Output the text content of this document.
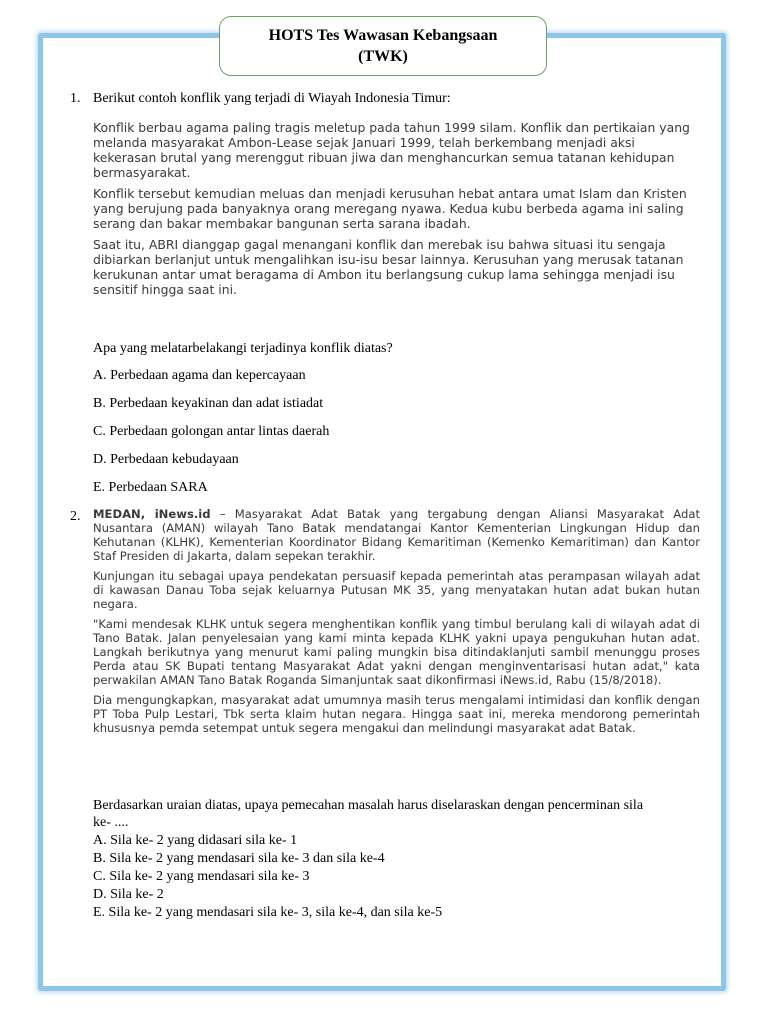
HOTS Tes Wawasan Kebangsaan
(TWK)
1. Berikut contoh konflik yang terjadi di Wiayah Indonesia Timur:

Konflik berbau agama paling tragis meletup pada tahun 1999 silam. Konflik dan pertikaian yang melanda masyarakat Ambon-Lease sejak Januari 1999, telah berkembang menjadi aksi kekerasan brutal yang merenggut ribuan jiwa dan menghancurkan semua tatanan kehidupan bermasyarakat.

Konflik tersebut kemudian meluas dan menjadi kerusuhan hebat antara umat Islam dan Kristen yang berujung pada banyaknya orang meregang nyawa. Kedua kubu berbeda agama ini saling serang dan bakar membakar bangunan serta sarana ibadah.

Saat itu, ABRI dianggap gagal menangani konflik dan merebak isu bahwa situasi itu sengaja dibiarkan berlanjut untuk mengalihkan isu-isu besar lainnya. Kerusuhan yang merusak tatanan kerukunan antar umat beragama di Ambon itu berlangsung cukup lama sehingga menjadi isu sensitif hingga saat ini.

Apa yang melatarbelakangi terjadinya konflik diatas?
A. Perbedaan agama dan kepercayaan
B. Perbedaan keyakinan dan adat istiadat
C. Perbedaan golongan antar lintas daerah
D. Perbedaan kebudayaan
E. Perbedaan SARA
2. MEDAN, iNews.id – Masyarakat Adat Batak yang tergabung dengan Aliansi Masyarakat Adat Nusantara (AMAN) wilayah Tano Batak mendatangai Kantor Kementerian Lingkungan Hidup dan Kehutanan (KLHK), Kementerian Koordinator Bidang Kemaritiman (Kemenko Kemaritiman) dan Kantor Staf Presiden di Jakarta, dalam sepekan terakhir.

Kunjungan itu sebagai upaya pendekatan persuasif kepada pemerintah atas perampasan wilayah adat di kawasan Danau Toba sejak keluarnya Putusan MK 35, yang menyatakan hutan adat bukan hutan negara.

"Kami mendesak KLHK untuk segera menghentikan konflik yang timbul berulang kali di wilayah adat di Tano Batak. Jalan penyelesaian yang kami minta kepada KLHK yakni upaya pengukuhan hutan adat. Langkah berikutnya yang menurut kami paling mungkin bisa ditindaklanjuti sambil menunggu proses Perda atau SK Bupati tentang Masyarakat Adat yakni dengan menginventarisasi hutan adat," kata perwakilan AMAN Tano Batak Roganda Simanjuntak saat dikonfirmasi iNews.id, Rabu (15/8/2018).

Dia mengungkapkan, masyarakat adat umumnya masih terus mengalami intimidasi dan konflik dengan PT Toba Pulp Lestari, Tbk serta klaim hutan negara. Hingga saat ini, mereka mendorong pemerintah khususnya pemda setempat untuk segera mengakui dan melindungi masyarakat adat Batak.

Berdasarkan uraian diatas, upaya pemecahan masalah harus diselaraskan dengan pencerminan sila
ke- ....
A. Sila ke- 2 yang didasari sila ke- 1
B. Sila ke- 2 yang mendasari sila ke- 3 dan sila ke-4
C. Sila ke- 2 yang mendasari sila ke- 3
D. Sila ke- 2
E. Sila ke- 2 yang mendasari sila ke- 3, sila ke-4, dan sila ke-5
